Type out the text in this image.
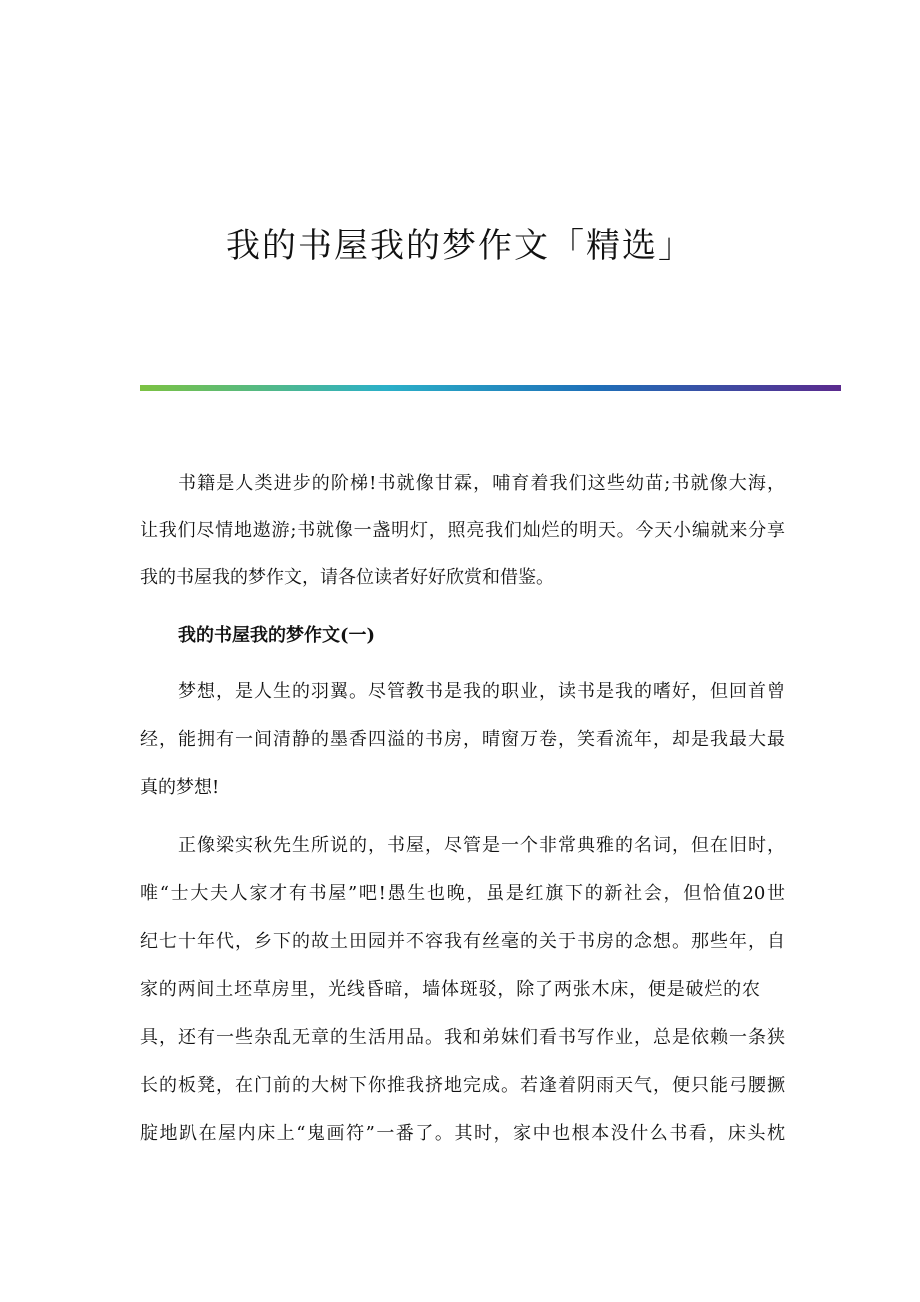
我的书屋我的梦作文「精选」
书籍是人类进步的阶梯!书就像甘霖，哺育着我们这些幼苗;书就像大海，
让我们尽情地遨游;书就像一盏明灯，照亮我们灿烂的明天。今天小编就来分享
我的书屋我的梦作文，请各位读者好好欣赏和借鉴。
我的书屋我的梦作文(一)
梦想，是人生的羽翼。尽管教书是我的职业，读书是我的嗜好，但回首曾
经，能拥有一间清静的墨香四溢的书房，晴窗万卷，笑看流年，却是我最大最
真的梦想!
正像梁实秋先生所说的，书屋，尽管是一个非常典雅的名词，但在旧时，
唯“士大夫人家才有书屋”吧!愚生也晚，虽是红旗下的新社会，但恰值20世
纪七十年代，乡下的故土田园并不容我有丝毫的关于书房的念想。那些年，自
家的两间土坯草房里，光线昏暗，墙体斑驳，除了两张木床，便是破烂的农
具，还有一些杂乱无章的生活用品。我和弟妹们看书写作业，总是依赖一条狭
长的板凳，在门前的大树下你推我挤地完成。若逢着阴雨天气，便只能弓腰撅
腚地趴在屋内床上“鬼画符”一番了。其时，家中也根本没什么书看，床头枕
